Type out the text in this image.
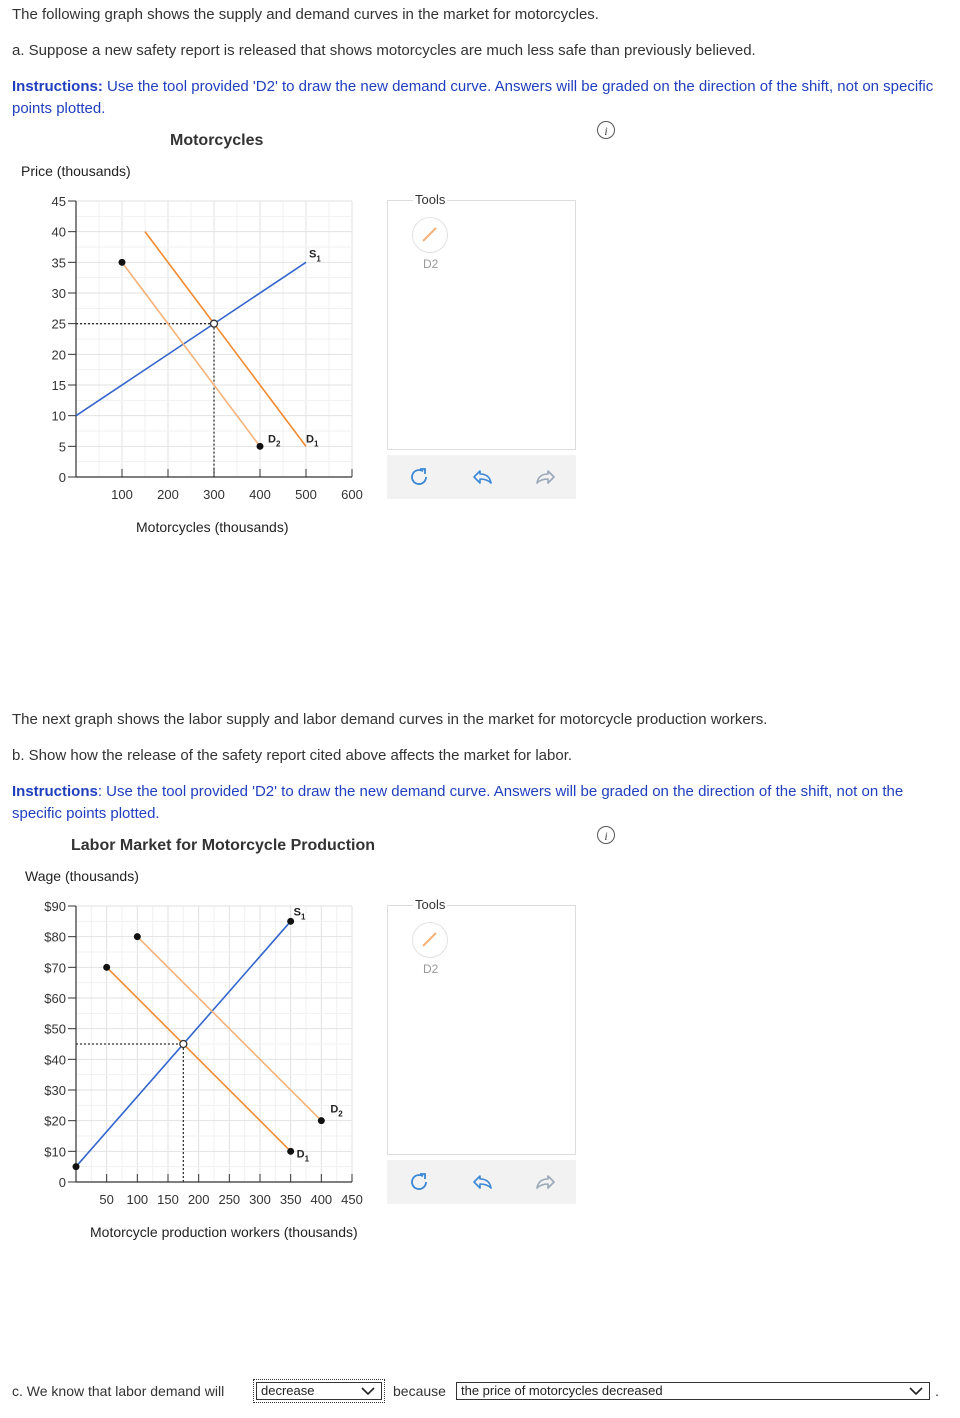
The following graph shows the supply and demand curves in the market for motorcycles.
a. Suppose a new safety report is released that shows motorcycles are much less safe than previously believed.
Instructions: Use the tool provided 'D2' to draw the new demand curve. Answers will be graded on the direction of the shift, not on specific points plotted.
i
Motorcycles
Price (thousands)
0
5
10
15
20
25
30
35
40
45
100 200 300 400 500 600
$S_1$
$D_1$
$D_2$
Motorcycles (thousands)
Tools
D2
The next graph shows the labor supply and labor demand curves in the market for motorcycle production workers.
b. Show how the release of the safety report cited above affects the market for labor.
Instructions: Use the tool provided 'D2' to draw the new demand curve. Answers will be graded on the direction of the shift, not on the specific points plotted.
i
Labor Market for Motorcycle Production
Wage (thousands)
0
$10
$20
$30
$40
$50
$60
$70
$80
$90
50 100 150 200 250 300 350 400 450
$S_1$
$D_1$
$D_2$
Motorcycle production workers (thousands)
Tools
D2
c. We know that labor demand will	decrease	because	the price of motorcycles decreased	.
